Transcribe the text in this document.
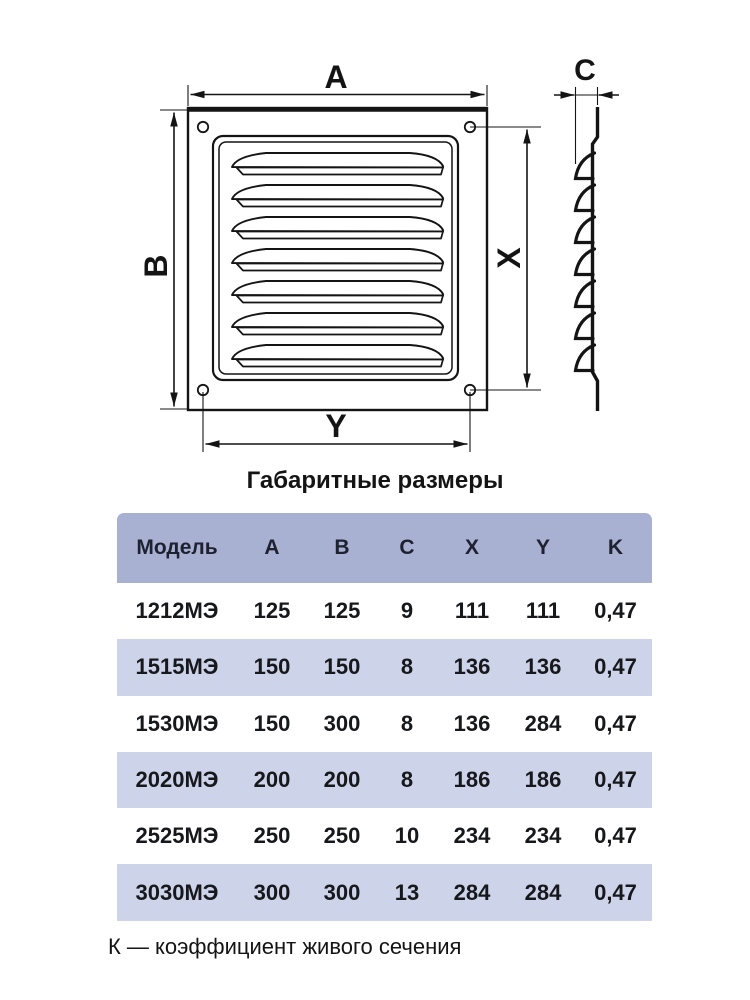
A
B	X
Y
C
Габаритные размеры
Модель A	B C X	Y	K
1212МЭ 125 125 9 111 111 0,47
1515МЭ 150 150 8 136 136 0,47
1530МЭ 150 300 8 136 284 0,47
2020МЭ 200 200 8 186 186 0,47
2525МЭ 250 250 10 234 234 0,47
3030МЭ 300 300 13 284 284 0,47
К — коэффициент живого сечения
